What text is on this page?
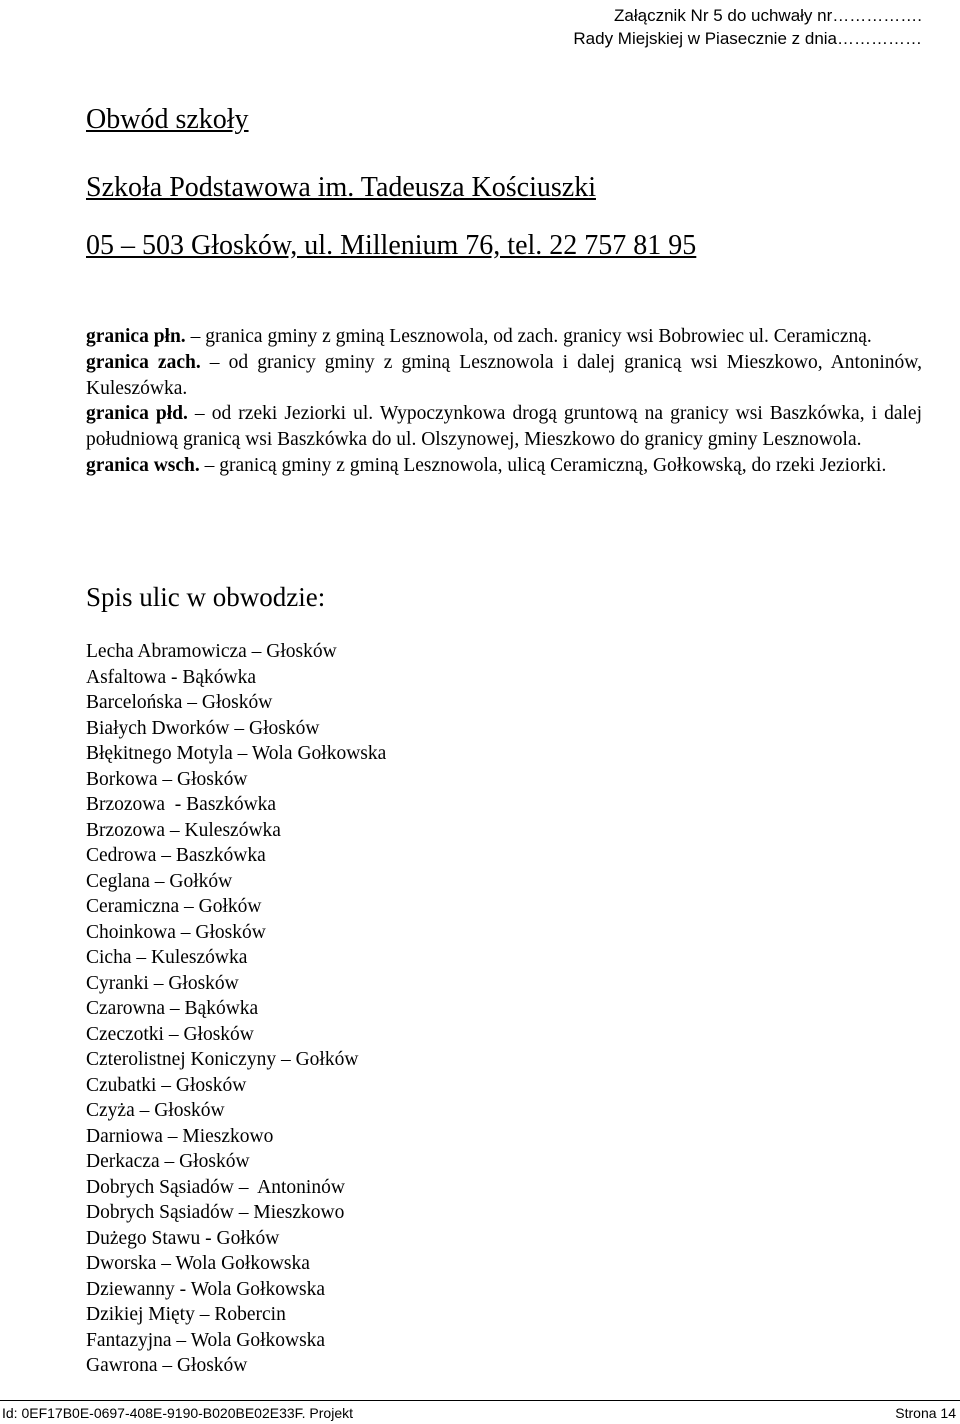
Załącznik Nr 5 do uchwały nr…………….
Rady Miejskiej w Piasecznie z dnia……………
Obwód szkoły
Szkoła Podstawowa im. Tadeusza Kościuszki
05 – 503 Głosków, ul. Millenium 76, tel. 22 757 81 95
granica płn. – granica gminy z gminą Lesznowola, od zach. granicy wsi Bobrowiec ul. Ceramiczną.
granica zach. – od granicy gminy z gminą Lesznowola i dalej granicą wsi Mieszkowo, Antoninów, Kuleszówka.
granica płd. – od rzeki Jeziorki ul. Wypoczynkowa drogą gruntową na granicy wsi Baszkówka, i dalej południową granicą wsi Baszkówka do ul. Olszynowej, Mieszkowo do granicy gminy Lesznowola.
granica wsch. – granicą gminy z gminą Lesznowola, ulicą Ceramiczną, Gołkowską, do rzeki Jeziorki.
Spis ulic w obwodzie:
Lecha Abramowicza – Głosków
Asfaltowa - Bąkówka
Barcelońska – Głosków
Białych Dworków – Głosków
Błękitnego Motyla – Wola Gołkowska
Borkowa – Głosków
Brzozowa  - Baszkówka
Brzozowa – Kuleszówka
Cedrowa – Baszkówka
Ceglana – Gołków
Ceramiczna – Gołków
Choinkowa – Głosków
Cicha – Kuleszówka
Cyranki – Głosków
Czarowna – Bąkówka
Czeczotki – Głosków
Czterolistnej Koniczyny – Gołków
Czubatki – Głosków
Czyża – Głosków
Darniowa – Mieszkowo
Derkacza – Głosków
Dobrych Sąsiadów –  Antoninów
Dobrych Sąsiadów – Mieszkowo
Dużego Stawu - Gołków
Dworska – Wola Gołkowska
Dziewanny - Wola Gołkowska
Dzikiej Mięty – Robercin
Fantazyjna – Wola Gołkowska
Gawrona – Głosków
Id: 0EF17B0E-0697-408E-9190-B020BE02E33F. Projekt	Strona 14
